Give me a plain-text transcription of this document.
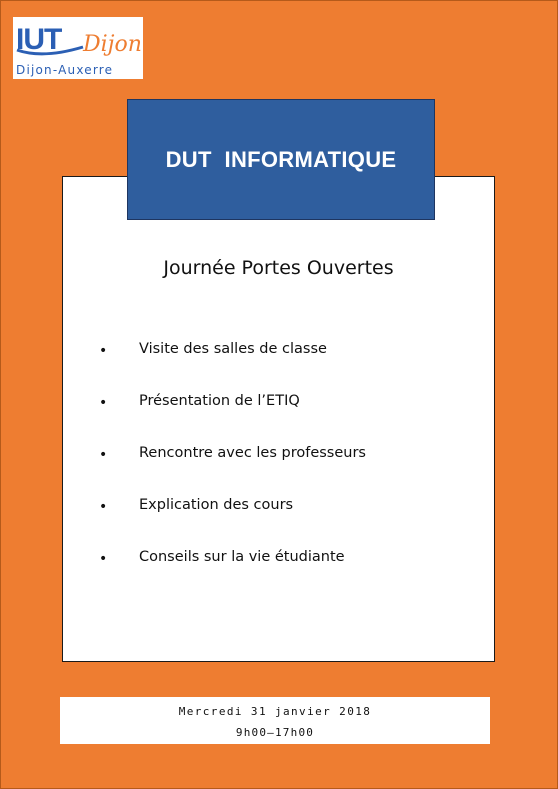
IUT Dijon
Dijon-Auxerre
DUT  INFORMATIQUE
Journée Portes Ouvertes
• Visite des salles de classe
• Présentation de l’ETIQ
• Rencontre avec les professeurs
• Explication des cours
• Conseils sur la vie étudiante
Mercredi 31 janvier 2018
9h00—17h00
